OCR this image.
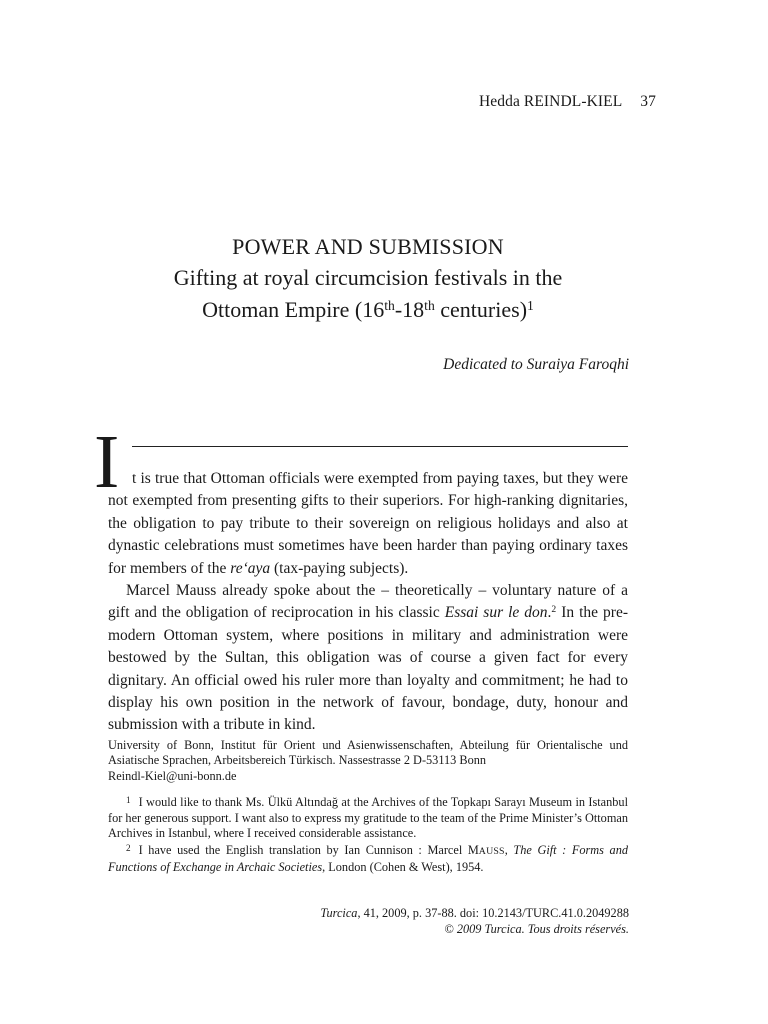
Hedda REINDL-KIEL 37
POWER AND SUBMISSION
Gifting at royal circumcision festivals in the
Ottoman Empire (16th-18th centuries)$^1$
Dedicated to Suraiya Faroqhi
I t is true that Ottoman officials were exempted from paying taxes, but they were not exempted from presenting gifts to their superiors. For high-ranking dignitaries, the obligation to pay tribute to their sovereign on religious holidays and also at dynastic celebrations must sometimes have been harder than paying ordinary taxes for members of the re‘aya (tax-paying subjects).

Marcel Mauss already spoke about the – theoretically – voluntary nature of a gift and the obligation of reciprocation in his classic Essai sur le don.$^2$ In the pre-modern Ottoman system, where positions in military and administration were bestowed by the Sultan, this obligation was of course a given fact for every dignitary. An official owed his ruler more than loyalty and commitment; he had to display his own position in the network of favour, bondage, duty, honour and submission with a tribute in kind.

University of Bonn, Institut für Orient und Asienwissenschaften, Abteilung für Orientalische und Asiatische Sprachen, Arbeitsbereich Türkisch. Nassestrasse 2 D-53113 Bonn

Reindl-Kiel@uni-bonn.de

$^1$ I would like to thank Ms. Ülkü Altındağ at the Archives of the Topkapı Sarayı Museum in Istanbul for her generous support. I want also to express my gratitude to the team of the Prime Minister’s Ottoman Archives in Istanbul, where I received considerable assistance.

$^2$ I have used the English translation by Ian Cunnison : Marcel MAUSS, The Gift : Forms and Functions of Exchange in Archaic Societies, London (Cohen & West), 1954.

Turcica, 41, 2009, p. 37-88. doi: 10.2143/TURC.41.0.2049288
© 2009 Turcica. Tous droits réservés.
